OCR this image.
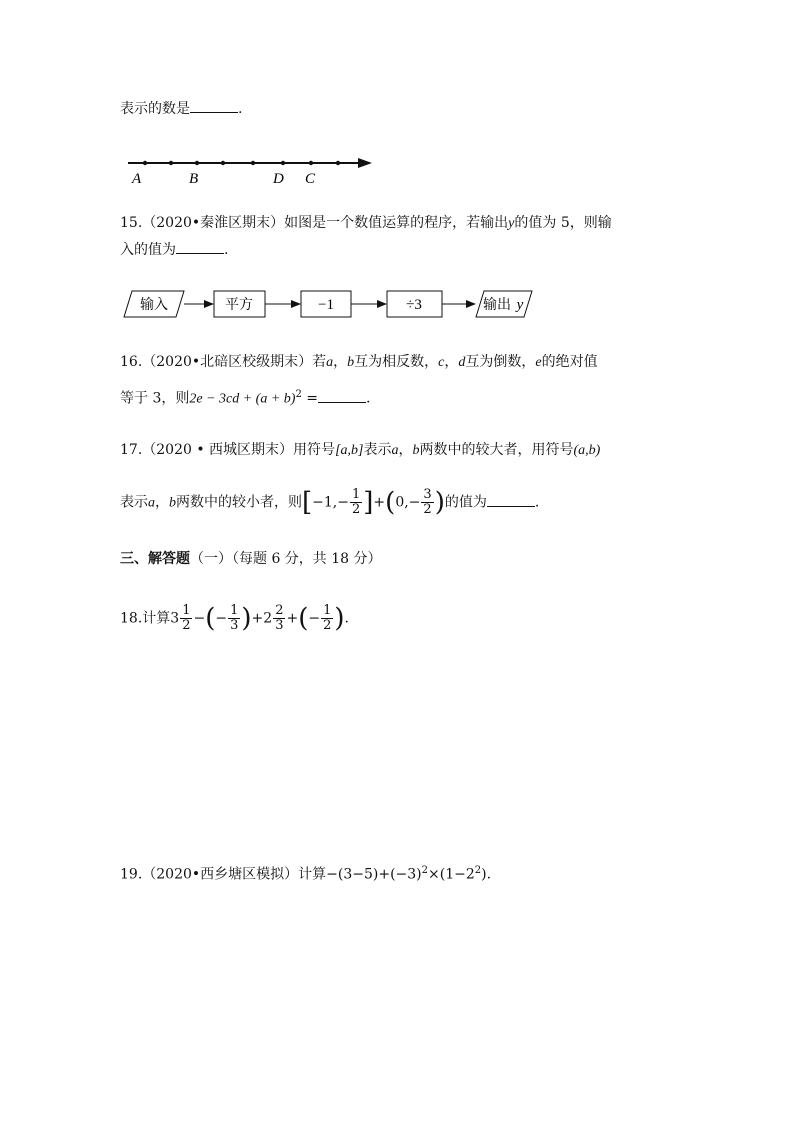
表示的数是	.
A	B	D C
15.（2020•秦淮区期末）如图是一个数值运算的程序，若输出y的值为 5，则输
入的值为	.
输入	平方	−1	÷3	输出 y
16.（2020•北碚区校级期末）若a，b互为相反数，c，d互为倒数，e的绝对值
等于 3，则$2e - 3cd + (a + b)^2$ =	.
17.（2020 • 西城区期末）用符号[a,b]表示a，b两数中的较大者，用符号(a,b)
表示a，b两数中的较小者，则$[-1,- \frac{1}{2} ]+(0,- \frac{3}{2}$ )的值为	.
三、解答题（一）（每题 6 分，共 18 分）
18.计算$3 \frac{1}{2}$ −(− $\frac{1}{3} )+2 \frac{2}{3}$ +(− $\frac{1}{2}$ ).
19.（2020•西乡塘区模拟）计算$-(3-5)+(-3)^2\times(1-2^2)$.
